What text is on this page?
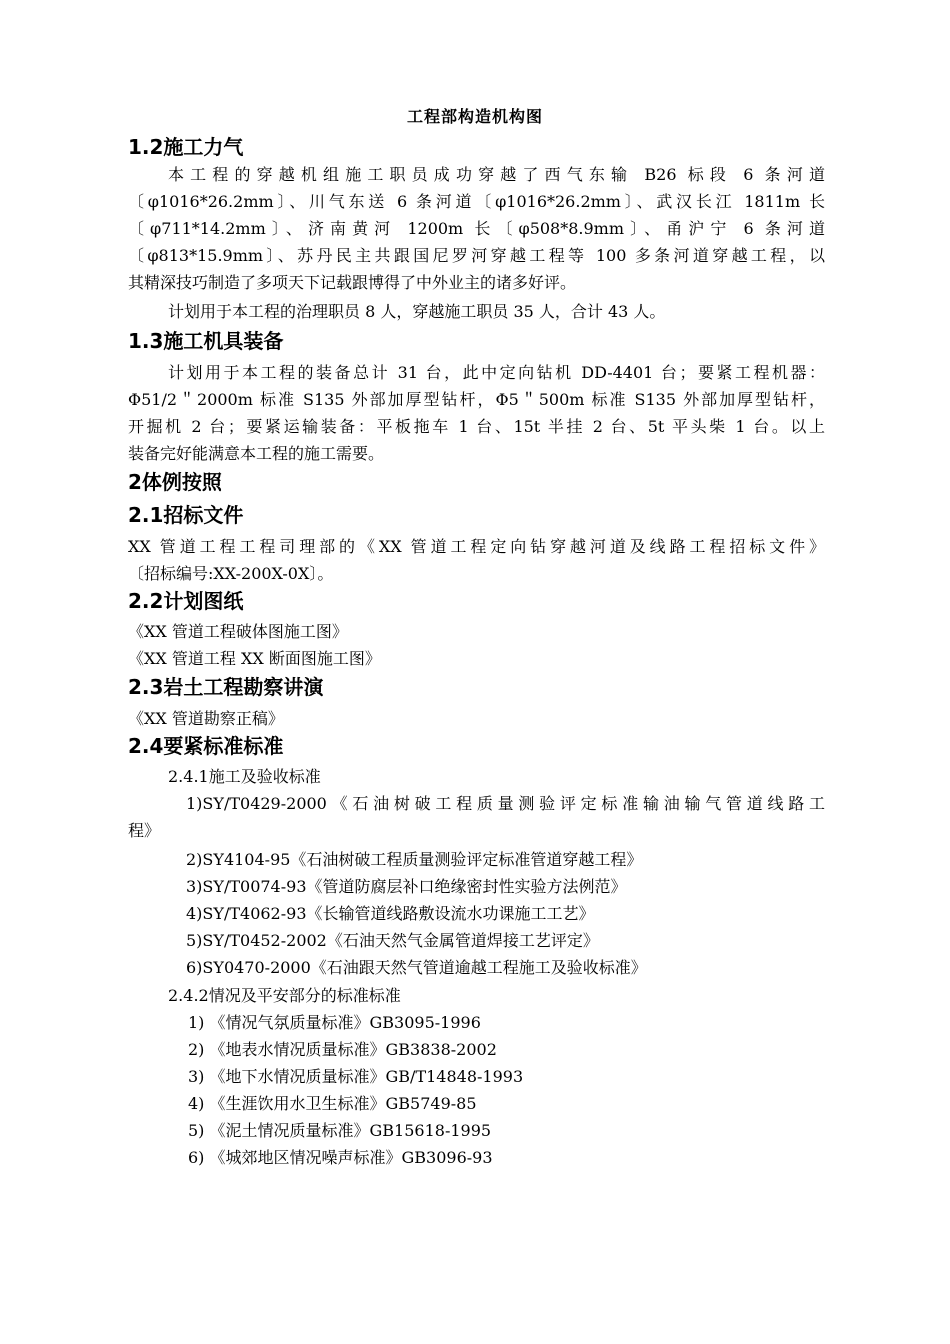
工程部构造机构图
1.2施工力气
本工程的穿越机组施工职员成功穿越了西气东输 B26 标段 6 条河道
〔φ1016*26.2mm〕、川气东送 6 条河道〔φ1016*26.2mm〕、武汉长江 1811m 长
〔φ711*14.2mm〕、济南黄河 1200m 长〔φ508*8.9mm〕、甬沪宁 6 条河道
〔φ813*15.9mm〕、苏丹民主共跟国尼罗河穿越工程等 100 多条河道穿越工程，以
其精深技巧制造了多项天下记载跟博得了中外业主的诸多好评。
计划用于本工程的治理职员 8 人，穿越施工职员 35 人，合计 43 人。
1.3施工机具装备
计划用于本工程的装备总计 31 台，此中定向钻机 DD-4401 台；要紧工程机器：
Φ51/2＂2000m 标准 S135 外部加厚型钻杆，Φ5＂500m 标准 S135 外部加厚型钻杆，
开掘机 2 台；要紧运输装备：平板拖车 1 台、15t 半挂 2 台、5t 平头柴 1 台。以上
装备完好能满意本工程的施工需要。
2体例按照
2.1招标文件
XX 管道工程工程司理部的《XX 管道工程定向钻穿越河道及线路工程招标文件》
〔招标编号:XX-200X-0X〕。
2.2计划图纸
《XX 管道工程破体图施工图》
《XX 管道工程 XX 断面图施工图》
2.3岩土工程勘察讲演
《XX 管道勘察正稿》
2.4要紧标准标准
2.4.1施工及验收标准
1)SY/T0429-2000《石油树破工程质量测验评定标准输油输气管道线路工
程》
2)SY4104-95《石油树破工程质量测验评定标准管道穿越工程》
3)SY/T0074-93《管道防腐层补口绝缘密封性实验方法例范》
4)SY/T4062-93《长输管道线路敷设流水功课施工工艺》
5)SY/T0452-2002《石油天然气金属管道焊接工艺评定》
6)SY0470-2000《石油跟天然气管道逾越工程施工及验收标准》
2.4.2情况及平安部分的标准标准
1) 《情况气氛质量标准》GB3095-1996
2) 《地表水情况质量标准》GB3838-2002
3) 《地下水情况质量标准》GB/T14848-1993
4) 《生涯饮用水卫生标准》GB5749-85
5) 《泥土情况质量标准》GB15618-1995
6) 《城郊地区情况噪声标准》GB3096-93
